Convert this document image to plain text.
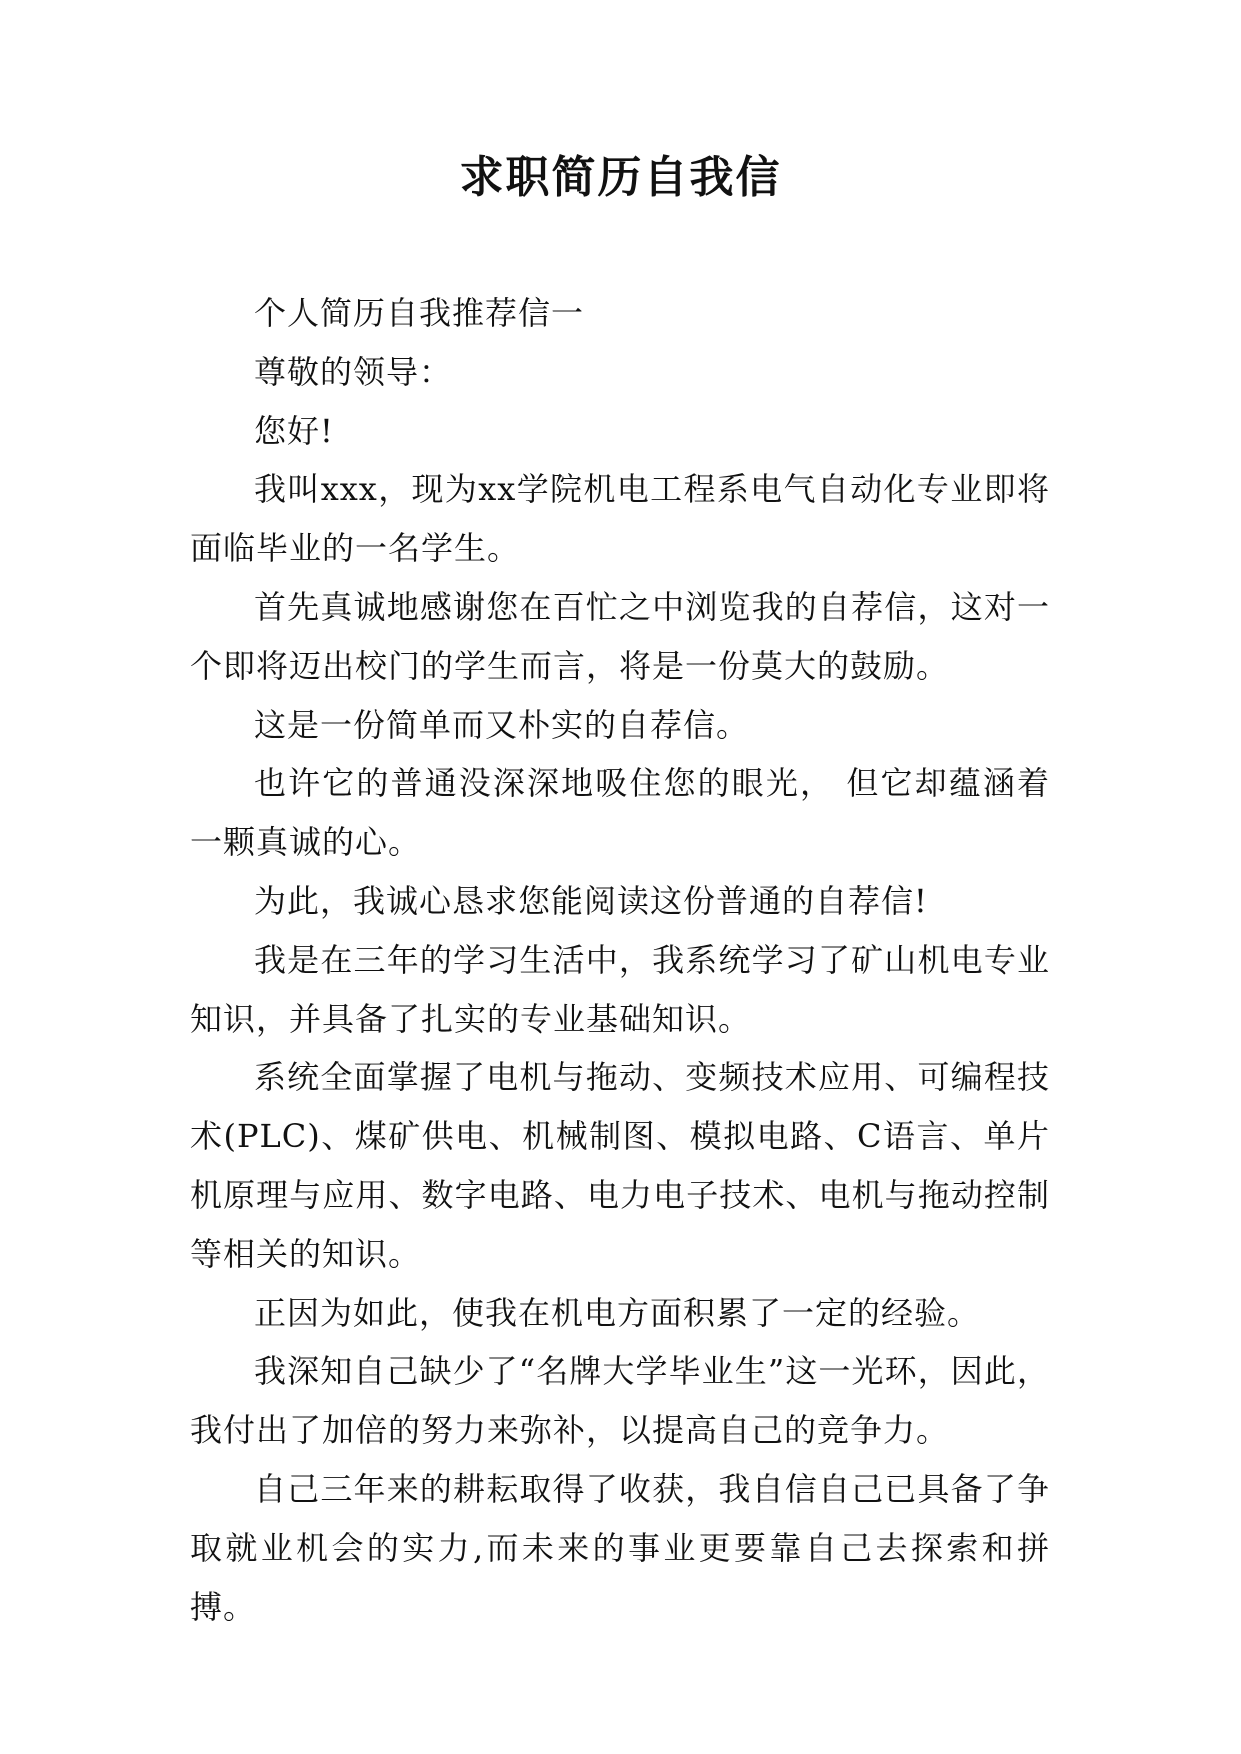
求职简历自我信

个人简历自我推荐信一

尊敬的领导：

您好!

我叫xxx，现为xx学院机电工程系电气自动化专业即将面临毕业的一名学生。

首先真诚地感谢您在百忙之中浏览我的自荐信，这对一个即将迈出校门的学生而言，将是一份莫大的鼓励。

这是一份简单而又朴实的自荐信。

也许它的普通没深深地吸住您的眼光， 但它却蕴涵着一颗真诚的心。

为此，我诚心恳求您能阅读这份普通的自荐信!

我是在三年的学习生活中，我系统学习了矿山机电专业知识，并具备了扎实的专业基础知识。

系统全面掌握了电机与拖动、变频技术应用、可编程技术(PLC)、煤矿供电、机械制图、模拟电路、C语言、单片机原理与应用、数字电路、电力电子技术、电机与拖动控制等相关的知识。

正因为如此，使我在机电方面积累了一定的经验。

我深知自己缺少了“名牌大学毕业生”这一光环，因此，我付出了加倍的努力来弥补，以提高自己的竞争力。

自己三年来的耕耘取得了收获，我自信自己已具备了争取就业机会的实力,而未来的事业更要靠自己去探索和拼搏。
